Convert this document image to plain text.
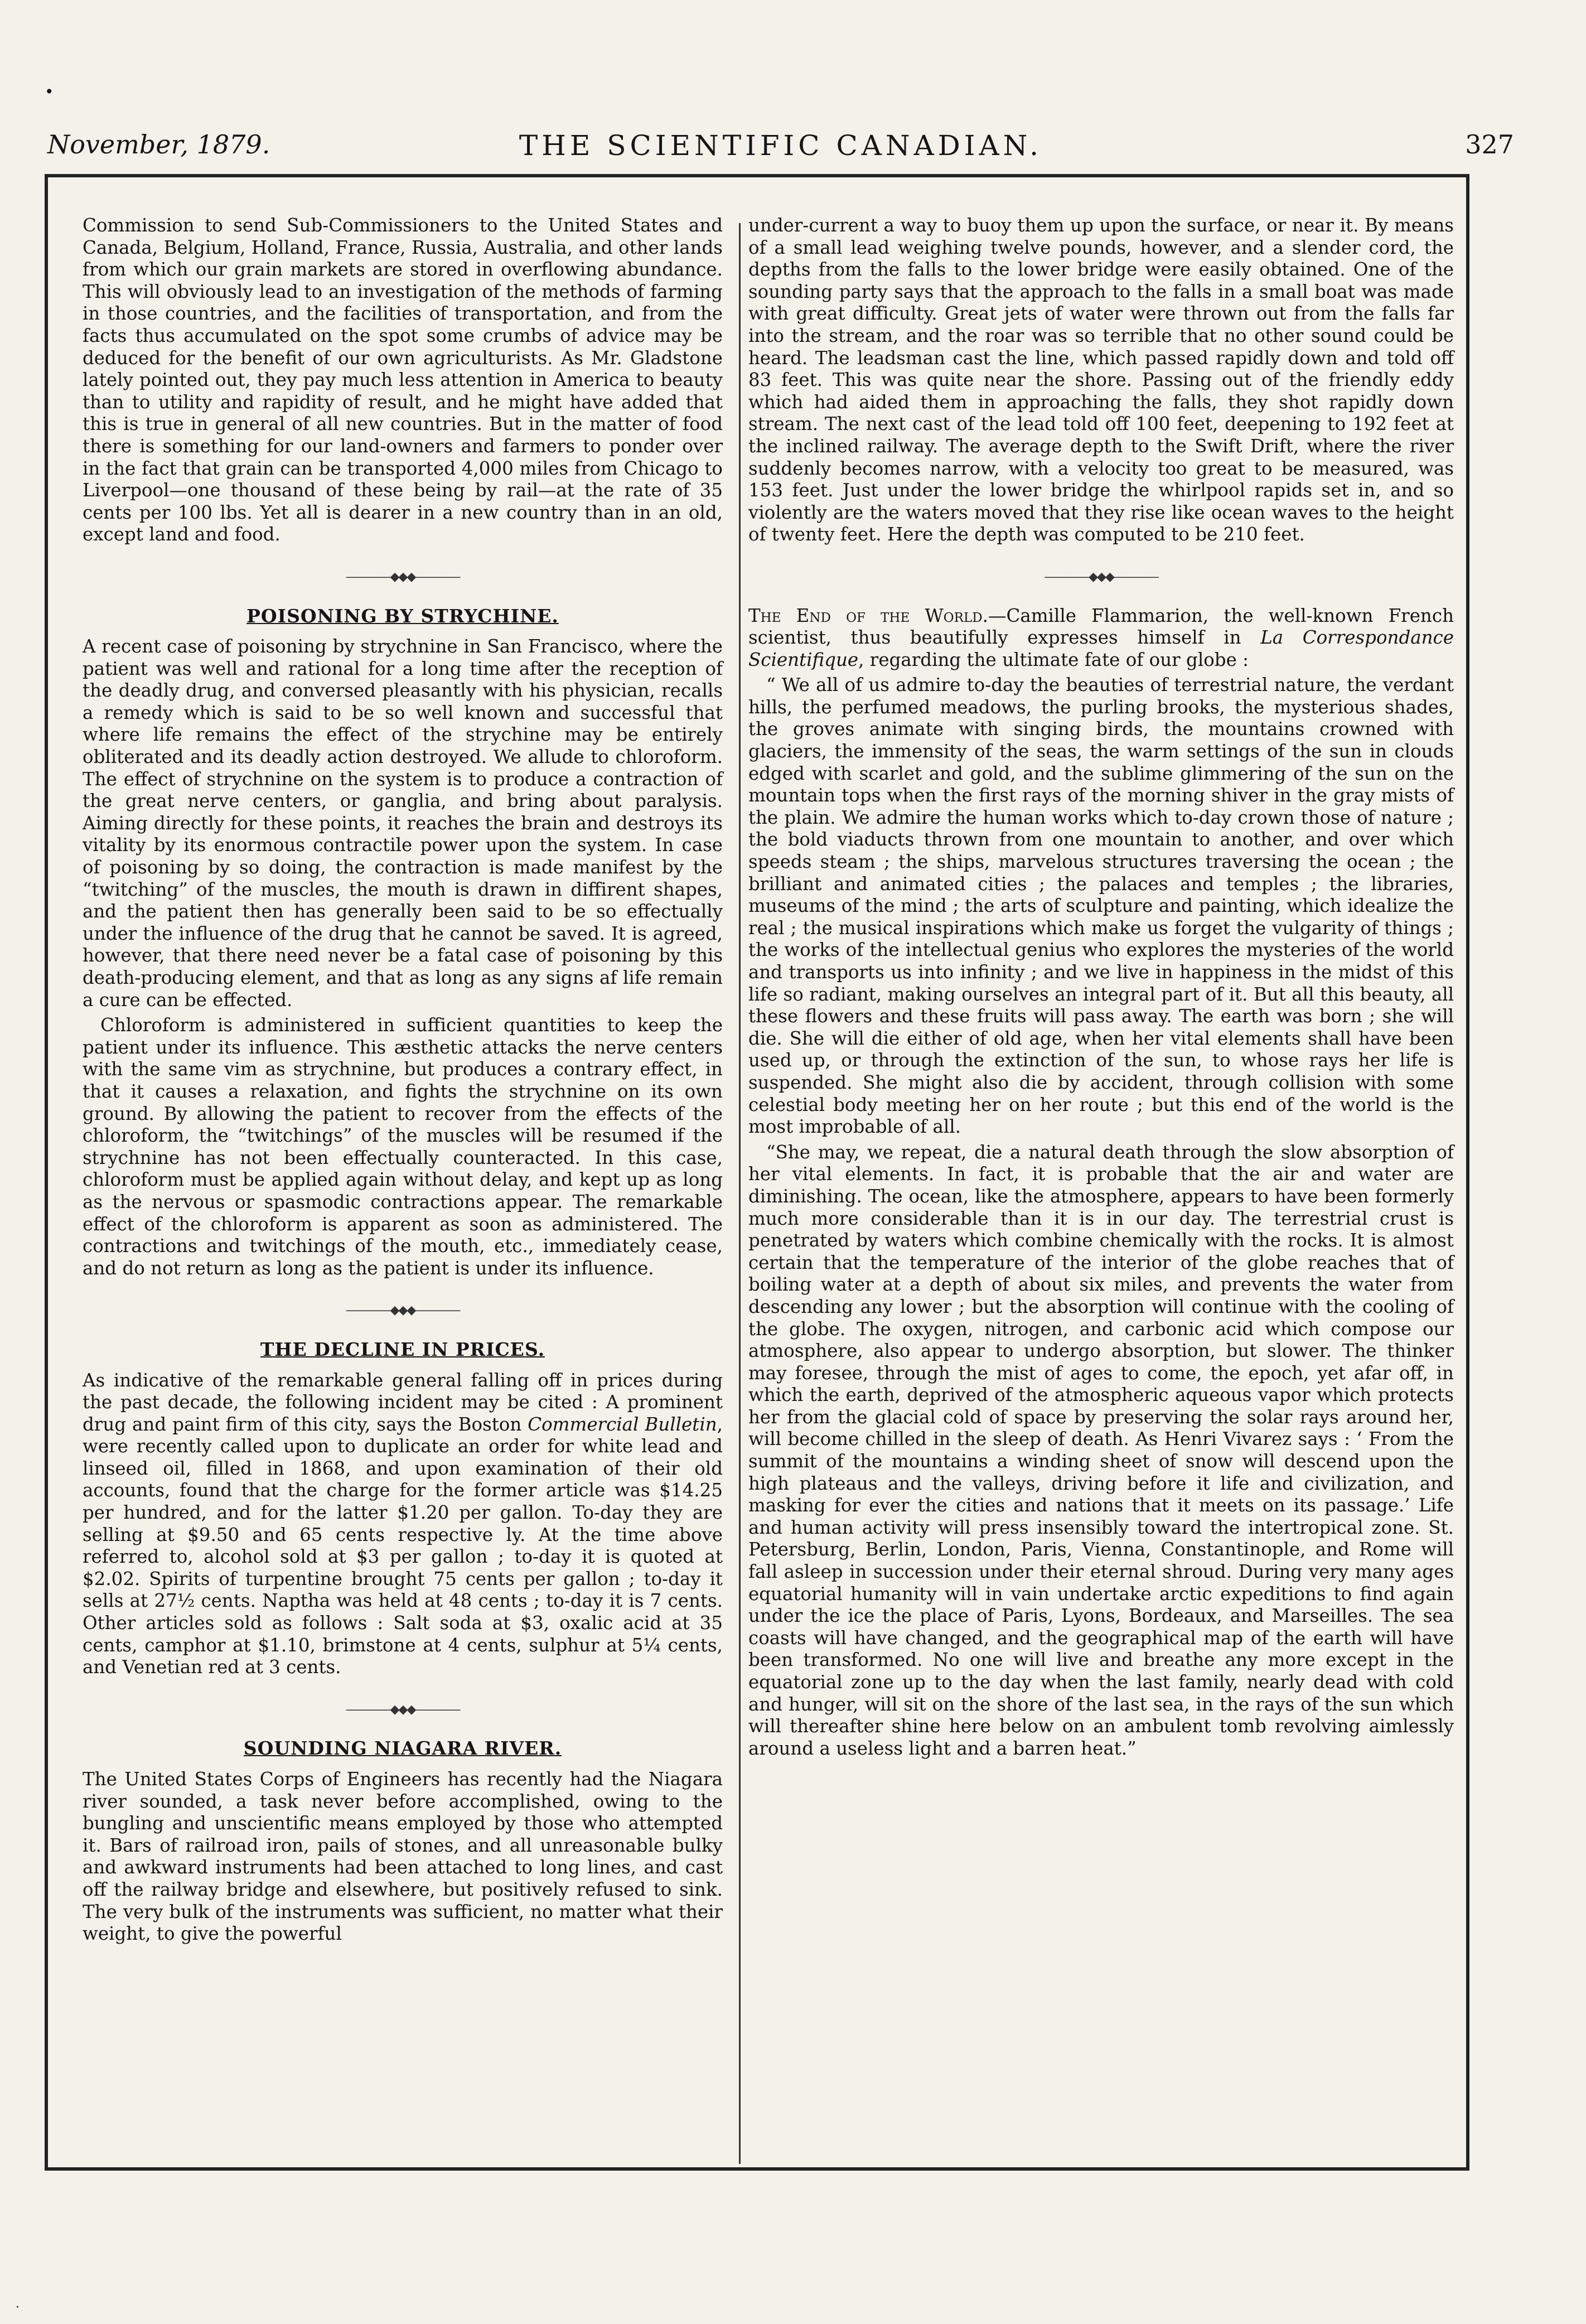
•
·
November, 1879.	THE SCIENTIFIC CANADIAN.	327

Commission to send Sub-Commissioners to the United States and Canada, Belgium, Holland, France, Russia, Australia, and other lands from which our grain markets are stored in overflowing abundance. This will obviously lead to an investigation of the methods of farming in those countries, and the facilities of transportation, and from the facts thus accumulated on the spot some crumbs of advice may be deduced for the benefit of our own agriculturists. As Mr. Gladstone lately pointed out, they pay much less attention in America to beauty than to utility and rapidity of result, and he might have added that this is true in general of all new countries. But in the matter of food there is something for our land-owners and farmers to ponder over in the fact that grain can be transported 4,000 miles from Chicago to Liverpool—one thousand of these being by rail—at the rate of 35 cents per 100 lbs. Yet all is dearer in a new country than in an old, except land and food.

————◆◆◆————
POISONING BY STRYCHINE.

A recent case of poisoning by strychnine in San Francisco, where the patient was well and rational for a long time after the reception of the deadly drug, and conversed pleasantly with his physician, recalls a remedy which is said to be so well known and successful that where life remains the effect of the strychine may be entirely obliterated and its deadly action destroyed. We allude to chloroform. The effect of strychnine on the system is to produce a contraction of the great nerve centers, or ganglia, and bring about paralysis. Aiming directly for these points, it reaches the brain and destroys its vitality by its enormous contractile power upon the system. In case of poisoning by so doing, the contraction is made manifest by the “twitching” of the muscles, the mouth is drawn in diffirent shapes, and the patient then has generally been said to be so effectually under the influence of the drug that he cannot be saved. It is agreed, however, that there need never be a fatal case of poisoning by this death-producing element, and that as long as any signs af life remain a cure can be effected.

Chloroform is administered in sufficient quantities to keep the patient under its influence. This æsthetic attacks the nerve centers with the same vim as strychnine, but produces a contrary effect, in that it causes a relaxation, and fights the strychnine on its own ground. By allowing the patient to recover from the effects of the chloroform, the “twitchings” of the muscles will be resumed if the strychnine has not been effectually counteracted. In this case, chloroform must be applied again without delay, and kept up as long as the nervous or spasmodic contractions appear. The remarkable effect of the chloroform is apparent as soon as administered. The contractions and twitchings of the mouth, etc., immediately cease, and do not return as long as the patient is under its influence.

————◆◆◆————
THE DECLINE IN PRICES.

As indicative of the remarkable general falling off in prices during the past decade, the following incident may be cited : A prominent drug and paint firm of this city, says the Boston Commercial Bulletin, were recently called upon to duplicate an order for white lead and linseed oil, filled in 1868, and upon examination of their old accounts, found that the charge for the former article was $14.25 per hundred, and for the latter $1.20 per gallon. To-day they are selling at $9.50 and 65 cents respective ly. At the time above referred to, alcohol sold at $3 per gallon ; to-day it is quoted at $2.02. Spirits of turpentine brought 75 cents per gallon ; to-day it sells at 27½ cents. Naptha was held at 48 cents ; to-day it is 7 cents. Other articles sold as follows : Salt soda at $3, oxalic acid at 35 cents, camphor at $1.10, brimstone at 4 cents, sulphur at 5¼ cents, and Venetian red at 3 cents.

————◆◆◆————
SOUNDING NIAGARA RIVER.

The United States Corps of Engineers has recently had the Niagara river sounded, a task never before accomplished, owing to the bungling and unscientific means employed by those who attempted it. Bars of railroad iron, pails of stones, and all unreasonable bulky and awkward instruments had been attached to long lines, and cast off the railway bridge and elsewhere, but positively refused to sink. The very bulk of the instruments was sufficient, no matter what their weight, to give the powerful

under-current a way to buoy them up upon the surface, or near it. By means of a small lead weighing twelve pounds, however, and a slender cord, the depths from the falls to the lower bridge were easily obtained. One of the sounding party says that the approach to the falls in a small boat was made with great difficulty. Great jets of water were thrown out from the falls far into the stream, and the roar was so terrible that no other sound could be heard. The leadsman cast the line, which passed rapidly down and told off 83 feet. This was quite near the shore. Passing out of the friendly eddy which had aided them in approaching the falls, they shot rapidly down stream. The next cast of the lead told off 100 feet, deepening to 192 feet at the inclined railway. The average depth to the Swift Drift, where the river suddenly becomes narrow, with a velocity too great to be measured, was 153 feet. Just under the lower bridge the whirlpool rapids set in, and so violently are the waters moved that they rise like ocean waves to the height of twenty feet. Here the depth was computed to be 210 feet.

————◆◆◆————

The End of the World.—Camille Flammarion, the well-known French scientist, thus beautifully expresses himself in La Correspondance Scientifique, regarding the ultimate fate of our globe :

“ We all of us admire to-day the beauties of terrestrial nature, the verdant hills, the perfumed meadows, the purling brooks, the mysterious shades, the groves animate with singing birds, the mountains crowned with glaciers, the immensity of the seas, the warm settings of the sun in clouds edged with scarlet and gold, and the sublime glimmering of the sun on the mountain tops when the first rays of the morning shiver in the gray mists of the plain. We admire the human works which to-day crown those of nature ; the bold viaducts thrown from one mountain to another, and over which speeds steam ; the ships, marvelous structures traversing the ocean ; the brilliant and animated cities ; the palaces and temples ; the libraries, museums of the mind ; the arts of sculpture and painting, which idealize the real ; the musical inspirations which make us forget the vulgarity of things ; the works of the intellectual genius who explores the mysteries of the world and transports us into infinity ; and we live in happiness in the midst of this life so radiant, making ourselves an integral part of it. But all this beauty, all these flowers and these fruits will pass away. The earth was born ; she will die. She will die either of old age, when her vital elements shall have been used up, or through the extinction of the sun, to whose rays her life is suspended. She might also die by accident, through collision with some celestial body meeting her on her route ; but this end of the world is the most improbable of all.

“She may, we repeat, die a natural death through the slow absorption of her vital elements. In fact, it is probable that the air and water are diminishing. The ocean, like the atmosphere, appears to have been formerly much more considerable than it is in our day. The terrestrial crust is penetrated by waters which combine chemically with the rocks. It is almost certain that the temperature of the interior of the globe reaches that of boiling water at a depth of about six miles, and prevents the water from descending any lower ; but the absorption will continue with the cooling of the globe. The oxygen, nitrogen, and carbonic acid which compose our atmosphere, also appear to undergo absorption, but slower. The thinker may foresee, through the mist of ages to come, the epoch, yet afar off, in which the earth, deprived of the atmospheric aqueous vapor which protects her from the glacial cold of space by preserving the solar rays around her, will become chilled in the sleep of death. As Henri Vivarez says : ‘ From the summit of the mountains a winding sheet of snow will descend upon the high plateaus and the valleys, driving before it life and civilization, and masking for ever the cities and nations that it meets on its passage.’ Life and human activity will press insensibly toward the intertropical zone. St. Petersburg, Berlin, London, Paris, Vienna, Constantinople, and Rome will fall asleep in succession under their eternal shroud. During very many ages equatorial humanity will in vain undertake arctic expeditions to find again under the ice the place of Paris, Lyons, Bordeaux, and Marseilles. The sea coasts will have changed, and the geographical map of the earth will have been transformed. No one will live and breathe any more except in the equatorial zone up to the day when the last family, nearly dead with cold and hunger, will sit on the shore of the last sea, in the rays of the sun which will thereafter shine here below on an ambulent tomb revolving aimlessly around a useless light and a barren heat.”
